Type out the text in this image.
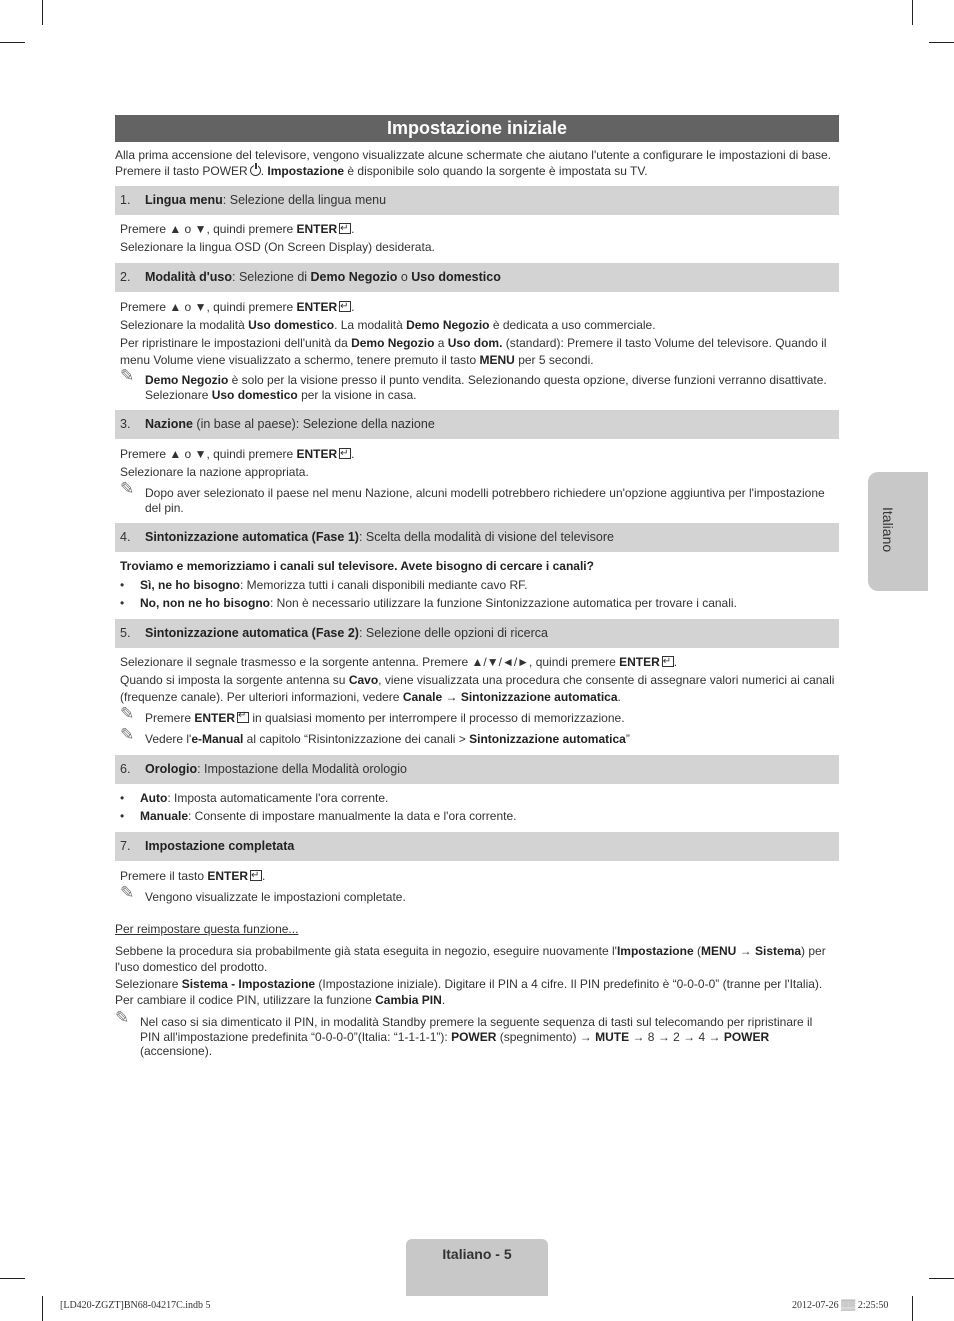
Impostazione iniziale
Alla prima accensione del televisore, vengono visualizzate alcune schermate che aiutano l'utente a configurare le impostazioni di base.
Premere il tasto POWER . Impostazione è disponibile solo quando la sorgente è impostata su TV.
1. Lingua menu: Selezione della lingua menu
Premere ▲ o ▼, quindi premere ENTER ↵ .
Selezionare la lingua OSD (On Screen Display) desiderata.
2. Modalità d'uso: Selezione di Demo Negozio o Uso domestico
Premere ▲ o ▼, quindi premere ENTER ↵ .
Selezionare la modalità Uso domestico. La modalità Demo Negozio è dedicata a uso commerciale.
Per ripristinare le impostazioni dell'unità da Demo Negozio a Uso dom. (standard): Premere il tasto Volume del televisore. Quando il menu Volume viene visualizzato a schermo, tenere premuto il tasto MENU per 5 secondi.
✎ Demo Negozio è solo per la visione presso il punto vendita. Selezionando questa opzione, diverse funzioni verranno disattivate. Selezionare Uso domestico per la visione in casa.
3. Nazione (in base al paese): Selezione della nazione
Premere ▲ o ▼, quindi premere ENTER ↵ .
Selezionare la nazione appropriata.
✎ Dopo aver selezionato il paese nel menu Nazione, alcuni modelli potrebbero richiedere un'opzione aggiuntiva per l'impostazione del pin.
4. Sintonizzazione automatica (Fase 1): Scelta della modalità di visione del televisore
Troviamo e memorizziamo i canali sul televisore. Avete bisogno di cercare i canali?
• Sì, ne ho bisogno: Memorizza tutti i canali disponibili mediante cavo RF.
• No, non ne ho bisogno: Non è necessario utilizzare la funzione Sintonizzazione automatica per trovare i canali.
5. Sintonizzazione automatica (Fase 2): Selezione delle opzioni di ricerca
Selezionare il segnale trasmesso e la sorgente antenna. Premere ▲/▼/◄/►, quindi premere ENTER ↵ .
Quando si imposta la sorgente antenna su Cavo, viene visualizzata una procedura che consente di assegnare valori numerici ai canali (frequenze canale). Per ulteriori informazioni, vedere Canale → Sintonizzazione automatica.
✎ Premere ENTER↵ in qualsiasi momento per interrompere il processo di memorizzazione.
✎ Vedere l'e-Manual al capitolo “Risintonizzazione dei canali > Sintonizzazione automatica”
6. Orologio: Impostazione della Modalità orologio
• Auto: Imposta automaticamente l'ora corrente.
• Manuale: Consente di impostare manualmente la data e l'ora corrente.
7. Impostazione completata
Premere il tasto ENTER ↵ .
✎ Vengono visualizzate le impostazioni completate.
Per reimpostare questa funzione...
Sebbene la procedura sia probabilmente già stata eseguita in negozio, eseguire nuovamente l'Impostazione (MENU → Sistema) per l'uso domestico del prodotto.
Selezionare Sistema - Impostazione (Impostazione iniziale). Digitare il PIN a 4 cifre. Il PIN predefinito è “0-0-0-0” (tranne per l'Italia). Per cambiare il codice PIN, utilizzare la funzione Cambia PIN.
✎ Nel caso si sia dimenticato il PIN, in modalità Standby premere la seguente sequenza di tasti sul telecomando per ripristinare il PIN all'impostazione predefinita “0-0-0-0”(Italia: “1-1-1-1”): POWER (spegnimento) → MUTE → 8 → 2 → 4 → POWER (accensione).
Italiano
Italiano - 5
[LD420-ZGZT]BN68-04217C.indb 5	2012-07-26 ▒▒ 2:25:50
